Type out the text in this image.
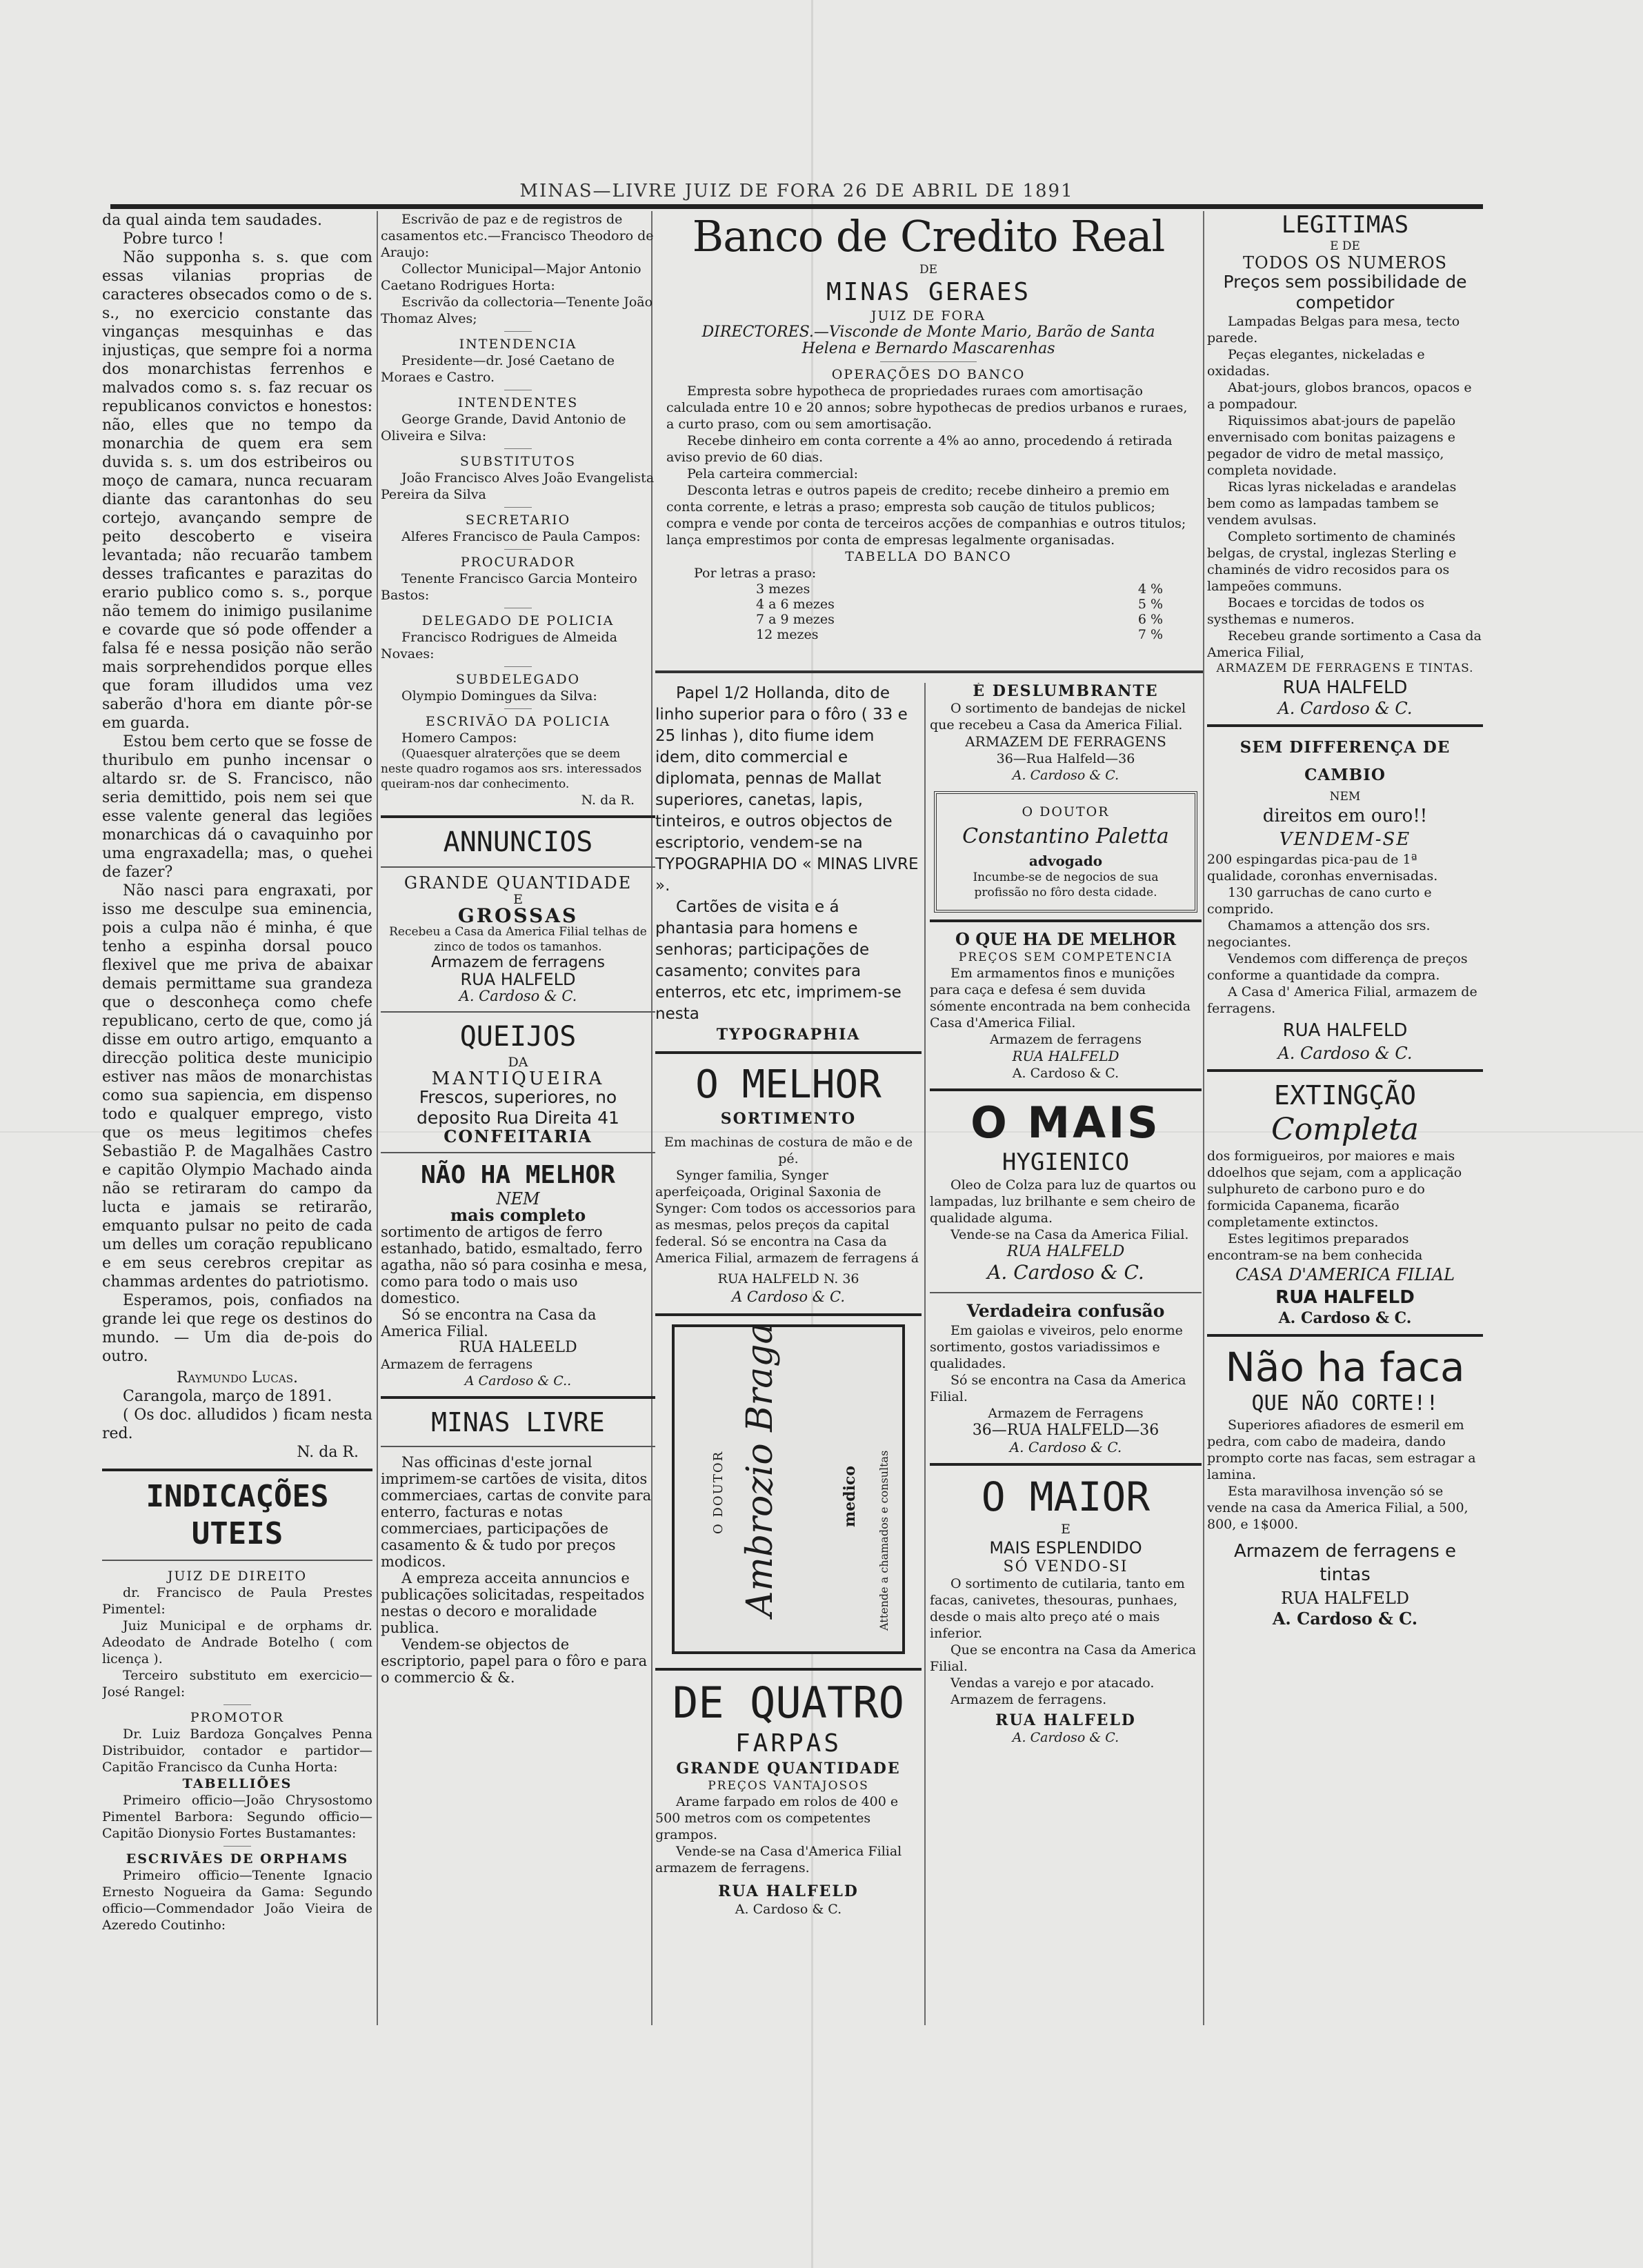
MINAS—LIVRE JUIZ DE FORA 26 DE ABRIL DE 1891

da qual ainda tem saudades.

Pobre turco !

Não supponha s. s. que com essas vilanias proprias de caracteres obsecados como o de s. s., no exercicio constante das vinganças mesquinhas e das injustiças, que sempre foi a norma dos monarchistas ferrenhos e malvados como s. s. faz recuar os republicanos convictos e honestos: não, elles que no tempo da monarchia de quem era sem duvida s. s. um dos estribeiros ou moço de camara, nunca recuaram diante das carantonhas do seu cortejo, avançando sempre de peito descoberto e viseira levantada; não recuarão tambem desses traficantes e parazitas do erario publico como s. s., porque não temem do inimigo pusilanime e covarde que só pode offender a falsa fé e nessa posição não serão mais sorprehendidos porque elles que foram illudidos uma vez saberão d'hora em diante pôr-se em guarda.

Estou bem certo que se fosse de thuribulo em punho incensar o altardo sr. de S. Francisco, não seria demittido, pois nem sei que esse valente general das legiões monarchicas dá o cavaquinho por uma engraxadella; mas, o quehei de fazer?

Não nasci para engraxati, por isso me desculpe sua eminencia, pois a culpa não é minha, é que tenho a espinha dorsal pouco flexivel que me priva de abaixar demais permittame sua grandeza que o desconheça como chefe republicano, certo de que, como já disse em outro artigo, emquanto a direcção politica deste municipio estiver nas mãos de monarchistas como sua sapiencia, em dispenso todo e qualquer emprego, visto que os meus legitimos chefes Sebastião P. de Magalhães Castro e capitão Olympio Machado ainda não se retiraram do campo da lucta e jamais se retirarão, emquanto pulsar no peito de cada um delles um coração republicano e em seus cerebros crepitar as chammas ardentes do patriotismo.

Esperamos, pois, confiados na grande lei que rege os destinos do mundo. — Um dia de-pois do outro.

Raymundo Lucas.

Carangola, março de 1891.

( Os doc. alludidos ) ficam nesta red.

N. da R.

INDICAÇÕES UTEIS

JUIZ DE DIREITO

dr. Francisco de Paula Prestes Pimentel:

Juiz Municipal e de orphams dr. Adeodato de Andrade Botelho ( com licença ).

Terceiro substituto em exercicio—José Rangel:

PROMOTOR

Dr. Luiz Bardoza Gonçalves Penna Distribuidor, contador e partidor—Capitão Francisco da Cunha Horta:

TABELLIÕES

Primeiro officio—João Chrysostomo Pimentel Barbora: Segundo officio—Capitão Dionysio Fortes Bustamantes:

ESCRIVÃES DE ORPHAMS

Primeiro officio—Tenente Ignacio Ernesto Nogueira da Gama: Segundo officio—Commendador João Vieira de Azeredo Coutinho:

Escrivão de paz e de registros de casamentos etc.—Francisco Theodoro de Araujo:

Collector Municipal—Major Antonio Caetano Rodrigues Horta:

Escrivão da collectoria—Tenente João Thomaz Alves;

INTENDENCIA

Presidente—dr. José Caetano de Moraes e Castro.

INTENDENTES

George Grande, David Antonio de Oliveira e Silva:

SUBSTITUTOS

João Francisco Alves João Evangelista Pereira da Silva

SECRETARIO

Alferes Francisco de Paula Campos:

PROCURADOR

Tenente Francisco Garcia Monteiro Bastos:

DELEGADO DE POLICIA

Francisco Rodrigues de Almeida Novaes:

SUBDELEGADO

Olympio Domingues da Silva:

ESCRIVÃO DA POLICIA

Homero Campos:

(Quaesquer alraterções que se deem neste quadro rogamos aos srs. interessados queiram-nos dar conhecimento.

N. da R.

ANNUNCIOS

GRANDE QUANTIDADE

E

GROSSAS

Recebeu a Casa da America Filial telhas de zinco de todos os tamanhos.

Armazem de ferragens

RUA HALFELD

A. Cardoso & C.

QUEIJOS

DA

MANTIQUEIRA

Frescos, superiores, no deposito Rua Direita 41

CONFEITARIA

NÃO HA MELHOR

NEM

mais completo

sortimento de artigos de ferro estanhado, batido, esmaltado, ferro agatha, não só para cosinha e mesa, como para todo o mais uso domestico.

Só se encontra na Casa da America Filial.

RUA HALEELD

Armazem de ferragens

A Cardoso & C..

MINAS LIVRE

Nas officinas d'este jornal imprimem-se cartões de visita, ditos commerciaes, cartas de convite para enterro, facturas e notas commerciaes, participações de casamento & & tudo por preços modicos.

A empreza acceita annuncios e publicações solicitadas, respeitados nestas o decoro e moralidade publica.

Vendem-se objectos de escriptorio, papel para o fôro e para o commercio & &.

Banco de Credito Real

DE

MINAS GERAES

JUIZ DE FORA

DIRECTORES.—Visconde de Monte Mario, Barão de Santa Helena e Bernardo Mascarenhas

OPERAÇÕES DO BANCO

Empresta sobre hypotheca de propriedades ruraes com amortisação calculada entre 10 e 20 annos; sobre hypothecas de predios urbanos e ruraes, a curto praso, com ou sem amortisação.

Recebe dinheiro em conta corrente a 4% ao anno, procedendo á retirada aviso previo de 60 dias.

Pela carteira commercial:

Desconta letras e outros papeis de credito; recebe dinheiro a premio em conta corrente, e letras a praso; empresta sob caução de titulos publicos; compra e vende por conta de terceiros acções de companhias e outros titulos; lança emprestimos por conta de empresas legalmente organisadas.

TABELLA DO BANCO

Por letras a praso:

3 mezes	4 %
4 a 6 mezes	5 %
7 a 9 mezes	6 %
12 mezes	7 %

Papel 1/2 Hollanda, dito de linho superior para o fôro ( 33 e 25 linhas ), dito fiume idem idem, dito commercial e diplomata, pennas de Mallat superiores, canetas, lapis, tinteiros, e outros objectos de escriptorio, vendem-se na TYPOGRAPHIA DO « MINAS LIVRE ».

Cartões de visita e á phantasia para homens e senhoras; participações de casamento; convites para enterros, etc etc, imprimem-se nesta

TYPOGRAPHIA

O MELHOR

SORTIMENTO

Em machinas de costura de mão e de pé.

Synger familia, Synger aperfeiçoada, Original Saxonia de Synger: Com todos os accessorios para as mesmas, pelos preços da capital federal. Só se encontra na Casa da America Filial, armazem de ferragens á

RUA HALFELD N. 36

A Cardoso & C.

O DOUTOR Ambrozio Braga	medico Attende a chamados e consultas

DE QUATRO

FARPAS

GRANDE QUANTIDADE

PREÇOS VANTAJOSOS

Arame farpado em rolos de 400 e 500 metros com os competentes grampos.

Vende-se na Casa d'America Filial armazem de ferragens.

RUA HALFELD

A. Cardoso & C.

É DESLUMBRANTE

O sortimento de bandejas de nickel que recebeu a Casa da America Filial.

ARMAZEM DE FERRAGENS

36—Rua Halfeld—36

A. Cardoso & C.

O DOUTOR

Constantino Paletta

advogado

Incumbe-se de negocios de sua profissão no fôro desta cidade.

O QUE HA DE MELHOR

PREÇOS SEM COMPETENCIA

Em armamentos finos e munições para caça e defesa é sem duvida sómente encontrada na bem conhecida Casa d'America Filial.

Armazem de ferragens

RUA HALFELD

A. Cardoso & C.

O MAIS

HYGIENICO

Oleo de Colza para luz de quartos ou lampadas, luz brilhante e sem cheiro de qualidade alguma.

Vende-se na Casa da America Filial.

RUA HALFELD

A. Cardoso & C.

Verdadeira confusão

Em gaiolas e viveiros, pelo enorme sortimento, gostos variadissimos e qualidades.

Só se encontra na Casa da America Filial.

Armazem de Ferragens

36—RUA HALFELD—36

A. Cardoso & C.

O MAIOR

E

MAIS ESPLENDIDO

SÓ VENDO-SI

O sortimento de cutilaria, tanto em facas, canivetes, thesouras, punhaes, desde o mais alto preço até o mais inferior.

Que se encontra na Casa da America Filial.

Vendas a varejo e por atacado.

Armazem de ferragens.

RUA HALFELD

A. Cardoso & C.

LEGITIMAS

E DE

TODOS OS NUMEROS

Preços sem possibilidade de competidor

Lampadas Belgas para mesa, tecto parede.

Peças elegantes, nickeladas e oxidadas.

Abat-jours, globos brancos, opacos e a pompadour.

Riquissimos abat-jours de papelão envernisado com bonitas paizagens e pegador de vidro de metal massiço, completa novidade.

Ricas lyras nickeladas e arandelas bem como as lampadas tambem se vendem avulsas.

Completo sortimento de chaminés belgas, de crystal, inglezas Sterling e chaminés de vidro recosidos para os lampeões communs.

Bocaes e torcidas de todos os systhemas e numeros.

Recebeu grande sortimento a Casa da America Filial,

ARMAZEM DE FERRAGENS E TINTAS.

RUA HALFELD

A. Cardoso & C.

SEM DIFFERENÇA DE CAMBIO

NEM

direitos em ouro!!

VENDEM-SE

200 espingardas pica-pau de 1ª qualidade, coronhas envernisadas.

130 garruchas de cano curto e comprido.

Chamamos a attenção dos srs. negociantes.

Vendemos com differença de preços conforme a quantidade da compra.

A Casa d' America Filial, armazem de ferragens.

RUA HALFELD

A. Cardoso & C.

EXTINGÇÃO

Completa

dos formigueiros, por maiores e mais ddoelhos que sejam, com a applicação sulphureto de carbono puro e do formicida Capanema, ficarão completamente extinctos.

Estes legitimos preparados encontram-se na bem conhecida

CASA D'AMERICA FILIAL

RUA HALFELD

A. Cardoso & C.

Não ha faca

QUE NÃO CORTE!!

Superiores afiadores de esmeril em pedra, com cabo de madeira, dando prompto corte nas facas, sem estragar a lamina.

Esta maravilhosa invenção só se vende na casa da America Filial, a 500, 800, e 1$000.

Armazem de ferragens e tintas

RUA HALFELD

A. Cardoso & C.
